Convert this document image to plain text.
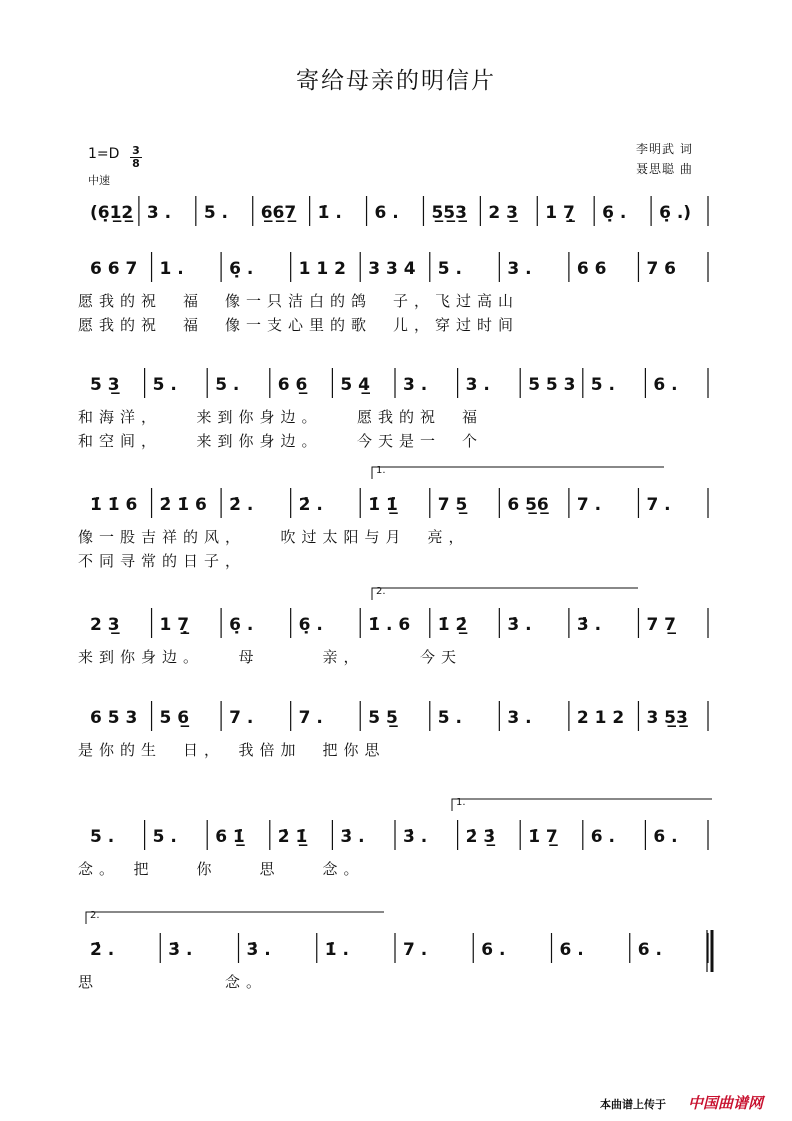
寄给母亲的明信片
1=D 3
8
中速
李明武 词
聂思聪 曲
(6̣1̲2̲ 3 . 5 . 6̲6̲7̲ 1̇ . 6 . 5̲5̲3̲ 2 3̲ 1 7̣̲ 6̣ . 6̣ .)
6 6 7 1 .	6̣ .	1 1 2 3 3 4 5 .	3 .	6 6 7 6
愿我的祝　福　像一只洁白的鸽　子，飞过高山
愿我的祝　福　像一支心里的歌　儿，穿过时间
5 3̲ 5 . 5 . 6 6̲ 5 4̲ 3 . 3 . 5 5 3 5 . 6 .
和海洋，　　来到你身边。　　愿我的祝　福
和空间，　　来到你身边。　　今天是一　个
1̇ 1̇ 6 2̇ 1̇ 6 2̇ .	2̇ .	1̇ 1̲̇ 7 5̲ 6 5̲6̲ 7 .	7 .
像一股吉祥的风，　　吹过太阳与月　亮，
不同寻常的日子，
2 3̲ 1 7̣̲ 6̣ .	6̣ .	1̇ . 6 1̇ 2̲̇ 3̇ .	3̇ .	7 7̲
来到你身边。　　母　　　亲，　　　今天
6 5 3 5 6̲ 7 .	7 .	5 5̲ 5 .	3 .	2 1 2 3 5̲3̲
是你的生　日，　我倍加　把你思
5 . 5 . 6 1̲̇ 2̇ 1̲̇ 3̇ . 3̇ . 2̇ 3̲̇ 1̇ 7̲ 6 . 6 .
念。　把　　你　　思　　念。
2̇ .	3̇ .	3̇ .	1̇ .	7 .	6 .	6 .	6 .
思　　　　　　念。
1.
2.
1.
2.
本曲谱上传于 中国曲谱网
